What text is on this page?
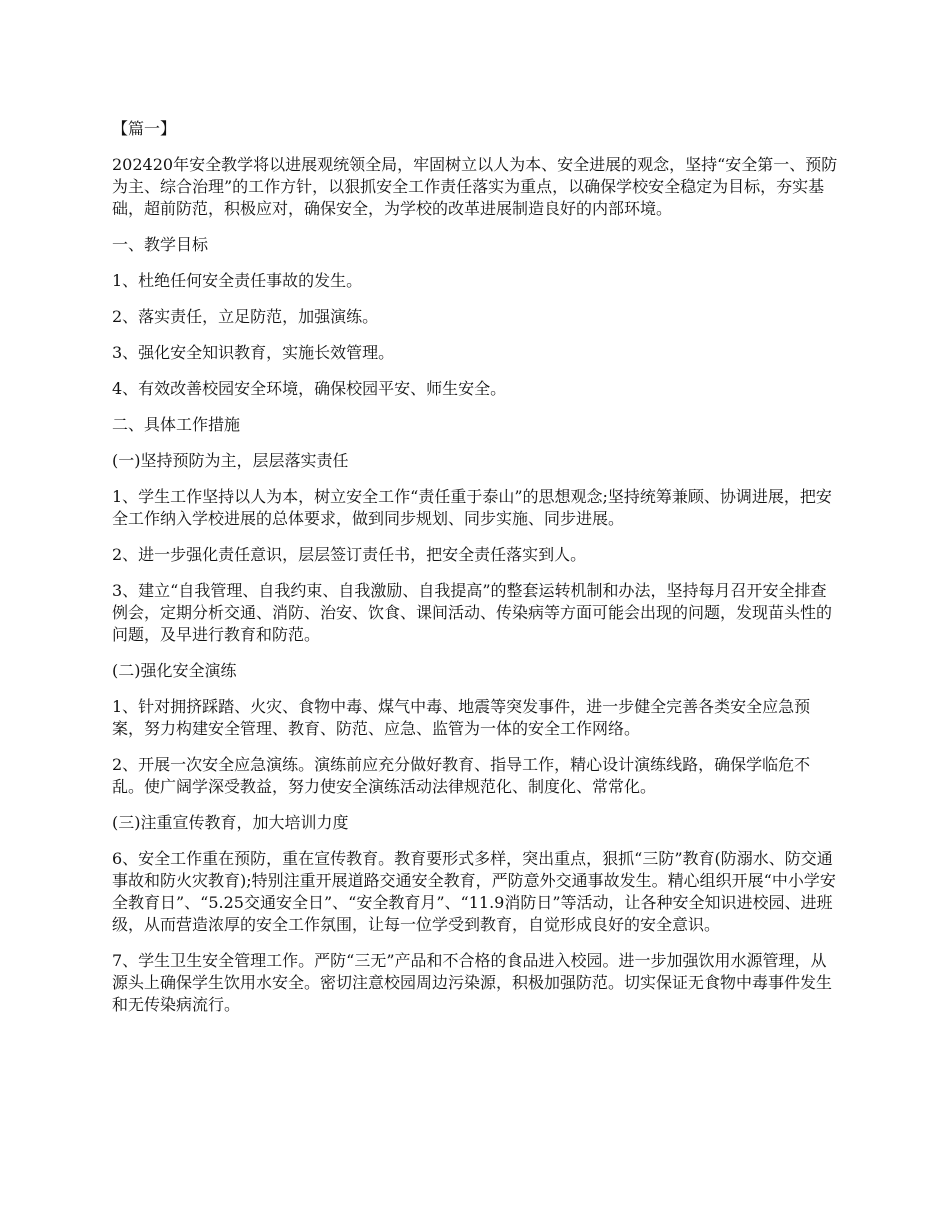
【篇一】

202420年安全教学将以进展观统领全局，牢固树立以人为本、安全进展的观念，坚持“安全第一、预防为主、综合治理”的工作方针，以狠抓安全工作责任落实为重点，以确保学校安全稳定为目标，夯实基础，超前防范，积极应对，确保安全，为学校的改革进展制造良好的内部环境。

一、教学目标

1、杜绝任何安全责任事故的发生。

2、落实责任，立足防范，加强演练。

3、强化安全知识教育，实施长效管理。

4、有效改善校园安全环境，确保校园平安、师生安全。

二、具体工作措施

(一)坚持预防为主，层层落实责任

1、学生工作坚持以人为本，树立安全工作“责任重于泰山”的思想观念;坚持统筹兼顾、协调进展，把安全工作纳入学校进展的总体要求，做到同步规划、同步实施、同步进展。

2、进一步强化责任意识，层层签订责任书，把安全责任落实到人。

3、建立“自我管理、自我约束、自我激励、自我提高”的整套运转机制和办法，坚持每月召开安全排查例会，定期分析交通、消防、治安、饮食、课间活动、传染病等方面可能会出现的问题，发现苗头性的问题，及早进行教育和防范。

(二)强化安全演练

1、针对拥挤踩踏、火灾、食物中毒、煤气中毒、地震等突发事件，进一步健全完善各类安全应急预案，努力构建安全管理、教育、防范、应急、监管为一体的安全工作网络。

2、开展一次安全应急演练。演练前应充分做好教育、指导工作，精心设计演练线路，确保学临危不乱。使广阔学深受教益，努力使安全演练活动法律规范化、制度化、常常化。

(三)注重宣传教育，加大培训力度

6、安全工作重在预防，重在宣传教育。教育要形式多样，突出重点，狠抓“三防”教育(防溺水、防交通事故和防火灾教育);特别注重开展道路交通安全教育，严防意外交通事故发生。精心组织开展“中小学安全教育日”、“5.25交通安全日”、“安全教育月”、“11.9消防日”等活动，让各种安全知识进校园、进班级，从而营造浓厚的安全工作氛围，让每一位学受到教育，自觉形成良好的安全意识。

7、学生卫生安全管理工作。严防“三无”产品和不合格的食品进入校园。进一步加强饮用水源管理，从源头上确保学生饮用水安全。密切注意校园周边污染源，积极加强防范。切实保证无食物中毒事件发生和无传染病流行。
